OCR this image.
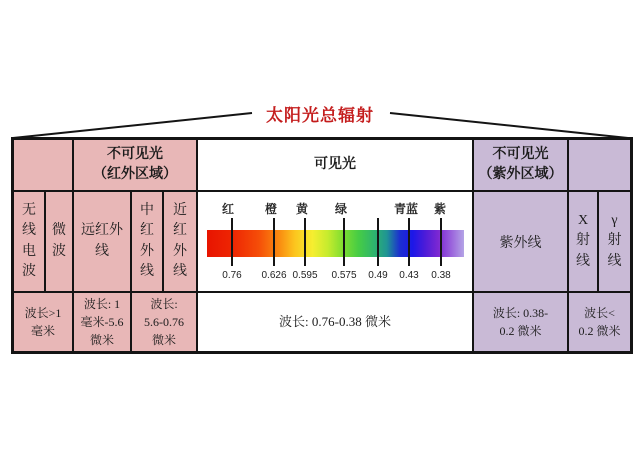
太阳光总辐射
不可见光
（红外区域）
可见光
不可见光
（紫外区域）
无线电波
微波
远红外线
中红外线
近红外线
红	橙 黄 绿	青蓝 紫
0.76 0.626 0.595 0.575 0.49 0.43 0.38
紫外线
X射线
γ射线
波长>1
毫米
波长: 1
毫米-5.6
微米
波长:
5.6-0.76
微米
波长: 0.76-0.38 微米
波长: 0.38-
0.2 微米
波长<
0.2 微米
